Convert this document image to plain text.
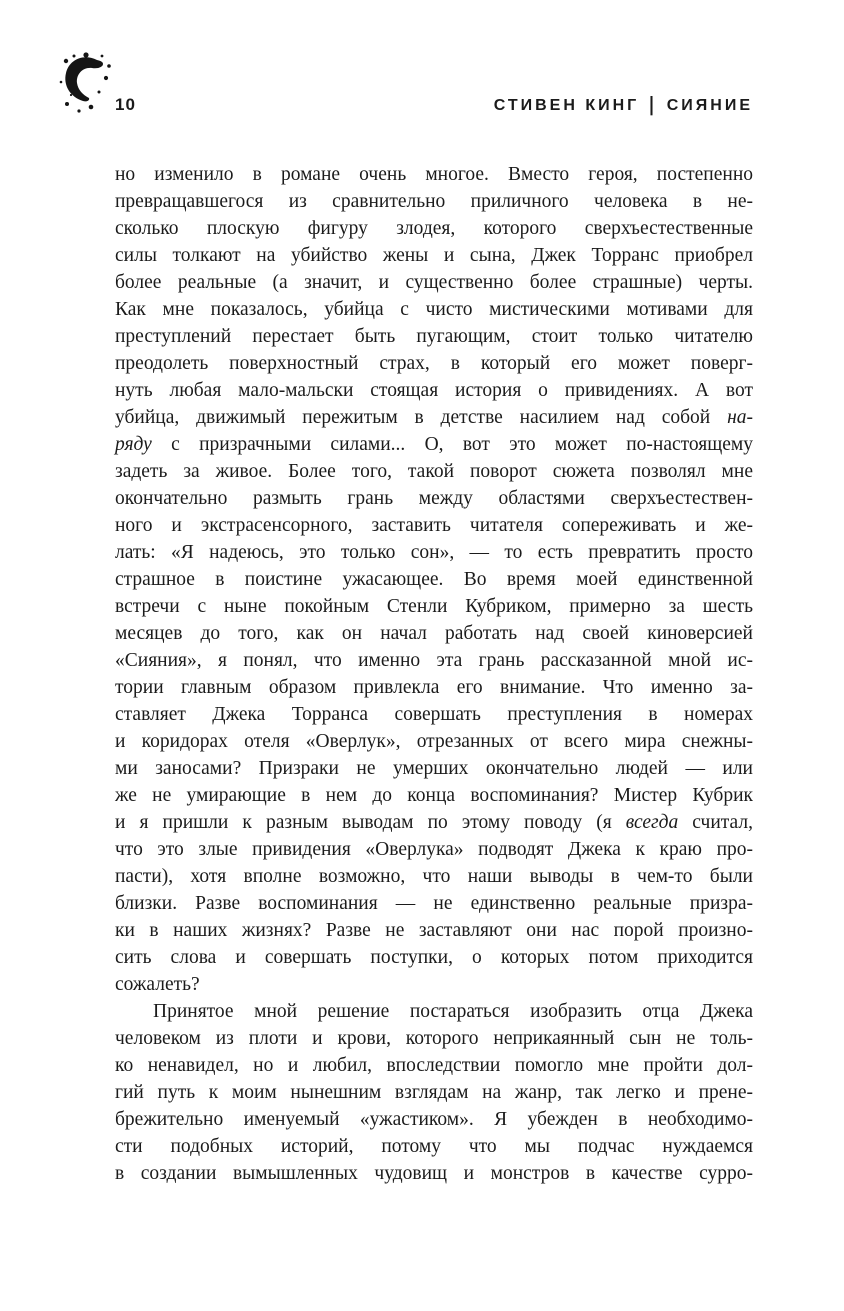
10	СТИВЕН КИНГ | СИЯНИЕ

но изменило в романе очень многое. Вместо героя, постепенно
превращавшегося из сравнительно приличного человека в не-
сколько плоскую фигуру злодея, которого сверхъестественные
силы толкают на убийство жены и сына, Джек Торранс приобрел
более реальные (а значит, и существенно более страшные) черты.
Как мне показалось, убийца с чисто мистическими мотивами для
преступлений перестает быть пугающим, стоит только читателю
преодолеть поверхностный страх, в который его может поверг-
нуть любая мало-мальски стоящая история о привидениях. А вот
убийца, движимый пережитым в детстве насилием над собой на-
ряду с призрачными силами... О, вот это может по-настоящему
задеть за живое. Более того, такой поворот сюжета позволял мне
окончательно размыть грань между областями сверхъестествен-
ного и экстрасенсорного, заставить читателя сопереживать и же-
лать: «Я надеюсь, это только сон», — то есть превратить просто
страшное в поистине ужасающее. Во время моей единственной
встречи с ныне покойным Стенли Кубриком, примерно за шесть
месяцев до того, как он начал работать над своей киноверсией
«Сияния», я понял, что именно эта грань рассказанной мной ис-
тории главным образом привлекла его внимание. Что именно за-
ставляет Джека Торранса совершать преступления в номерах
и коридорах отеля «Оверлук», отрезанных от всего мира снежны-
ми заносами? Призраки не умерших окончательно людей — или
же не умирающие в нем до конца воспоминания? Мистер Кубрик
и я пришли к разным выводам по этому поводу (я всегда считал,
что это злые привидения «Оверлука» подводят Джека к краю про-
пасти), хотя вполне возможно, что наши выводы в чем-то были
близки. Разве воспоминания — не единственно реальные призра-
ки в наших жизнях? Разве не заставляют они нас порой произно-
сить слова и совершать поступки, о которых потом приходится
сожалеть?

Принятое мной решение постараться изобразить отца Джека
человеком из плоти и крови, которого неприкаянный сын не толь-
ко ненавидел, но и любил, впоследствии помогло мне пройти дол-
гий путь к моим нынешним взглядам на жанр, так легко и прене-
брежительно именуемый «ужастиком». Я убежден в необходимо-
сти подобных историй, потому что мы подчас нуждаемся
в создании вымышленных чудовищ и монстров в качестве сурро-
